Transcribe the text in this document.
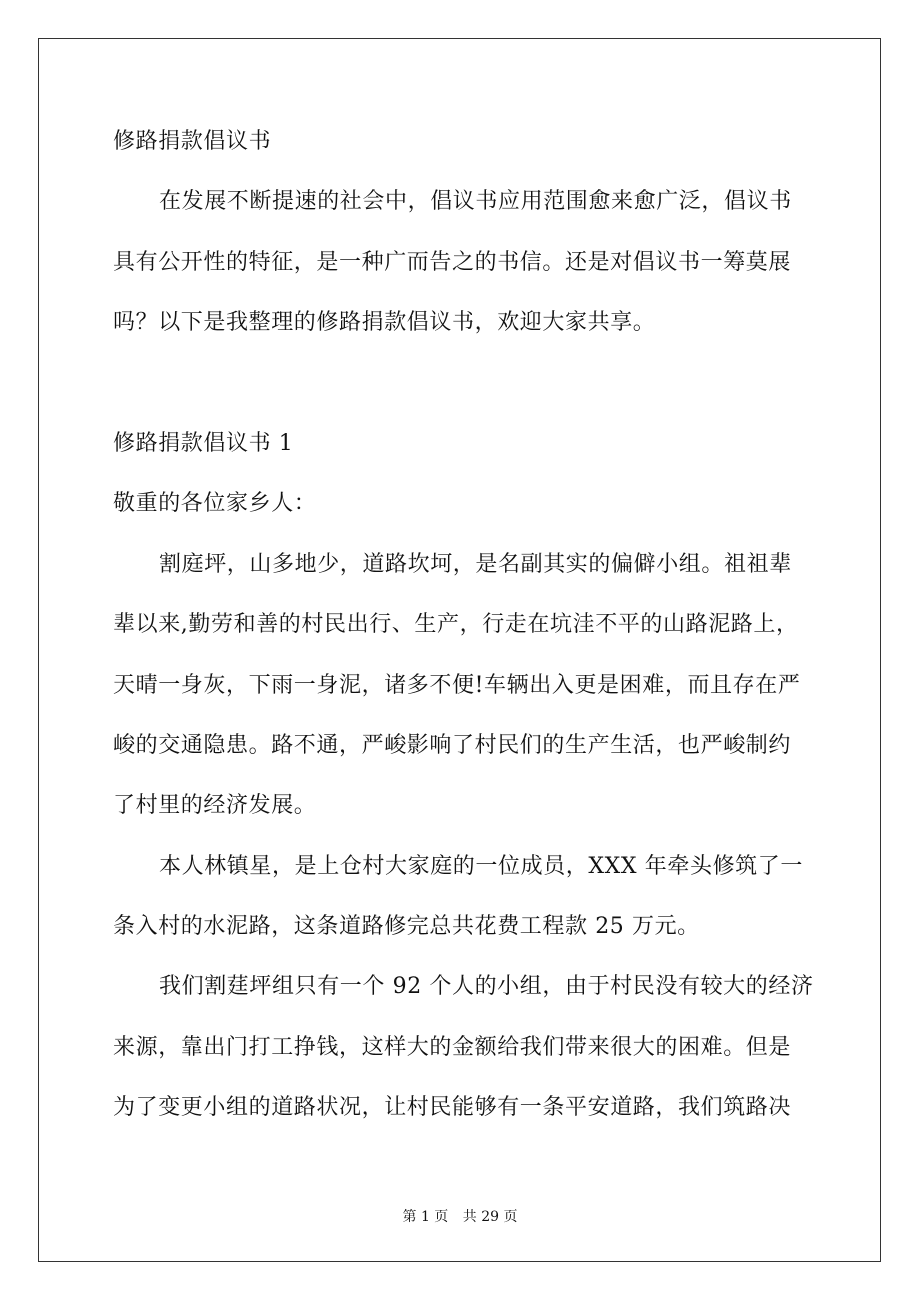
修路捐款倡议书
在发展不断提速的社会中，倡议书应用范围愈来愈广泛，倡议书
具有公开性的特征，是一种广而告之的书信。还是对倡议书一筹莫展
吗？以下是我整理的修路捐款倡议书，欢迎大家共享。
修路捐款倡议书 1
敬重的各位家乡人：
割庭坪，山多地少，道路坎坷，是名副其实的偏僻小组。祖祖辈
辈以来,勤劳和善的村民出行、生产，行走在坑洼不平的山路泥路上，
天晴一身灰，下雨一身泥，诸多不便!车辆出入更是困难，而且存在严
峻的交通隐患。路不通，严峻影响了村民们的生产生活，也严峻制约
了村里的经济发展。
本人林镇星，是上仓村大家庭的一位成员，XXX 年牵头修筑了一
条入村的水泥路，这条道路修完总共花费工程款 25 万元。
我们割莛坪组只有一个 92 个人的小组，由于村民没有较大的经济
来源，靠出门打工挣钱，这样大的金额给我们带来很大的困难。但是
为了变更小组的道路状况，让村民能够有一条平安道路，我们筑路决
第 1 页 共 29 页
